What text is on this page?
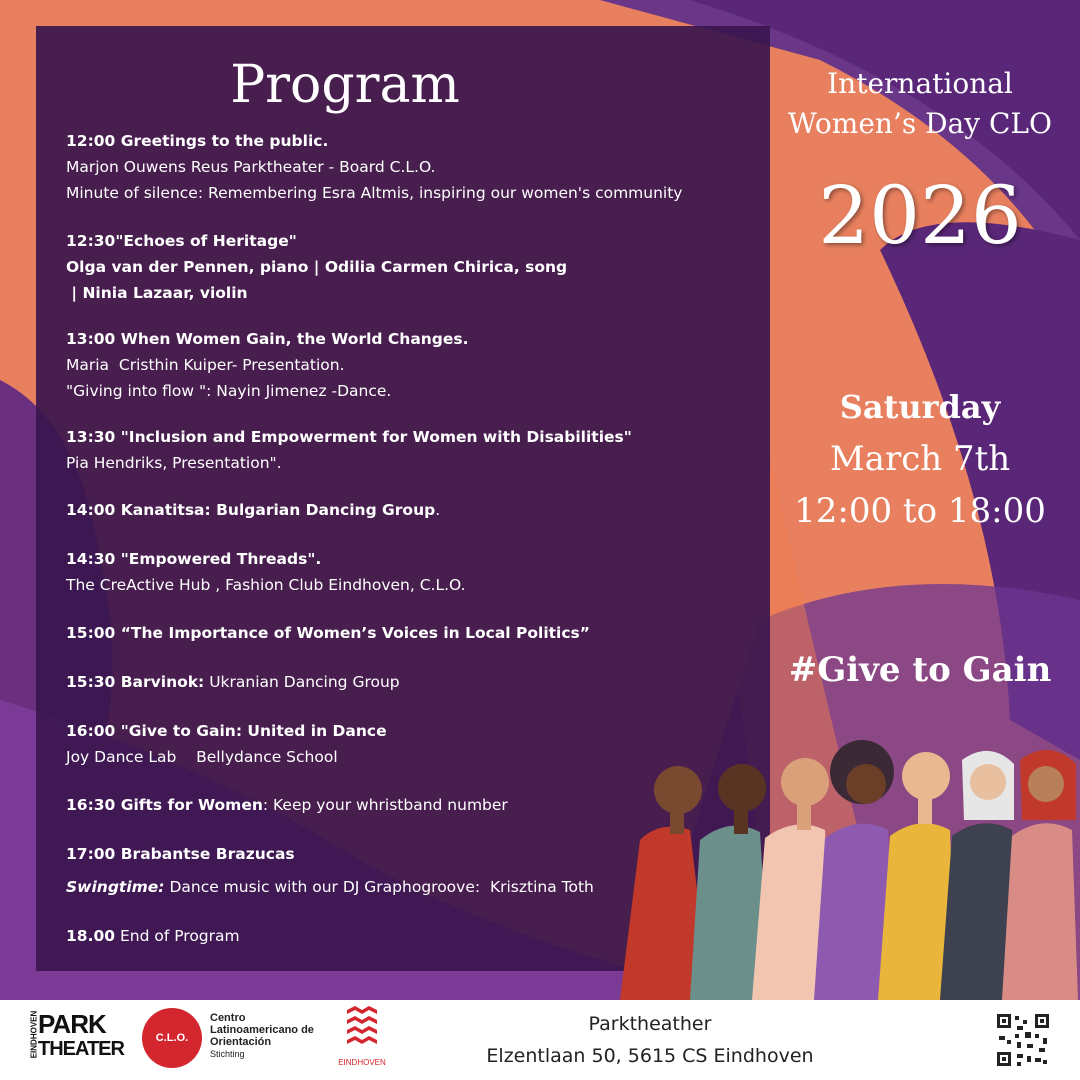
Program
12:00 Greetings to the public.
Marjon Ouwens Reus Parktheater - Board C.L.O.
Minute of silence: Remembering Esra Altmis, inspiring our women's community
12:30"Echoes of Heritage"
Olga van der Pennen, piano | Odilia Carmen Chirica, song
| Ninia Lazaar, violin
13:00 When Women Gain, the World Changes.
Maria  Cristhin Kuiper- Presentation.
"Giving into flow ": Nayin Jimenez -Dance.
13:30 "Inclusion and Empowerment for Women with Disabilities"
Pia Hendriks, Presentation".
14:00 Kanatitsa: Bulgarian Dancing Group.
14:30 "Empowered Threads".
The CreActive Hub , Fashion Club Eindhoven, C.L.O.
15:00 “The Importance of Women’s Voices in Local Politics”
15:30 Barvinok: Ukranian Dancing Group
16:00 "Give to Gain: United in Dance
Joy Dance Lab    Bellydance School
16:30 Gifts for Women: Keep your whristband number
17:00 Brabantse Brazucas
Swingtime: Dance music with our DJ Graphogroove:  Krisztina Toth
18.00 End of Program
International
Women’s Day CLO
2026
Saturday
March 7th
12:00 to 18:00
#Give to Gain
EINDHOVEN PARK
THEATER	C.L.O.
Centro
Latinoamericano de
Orientación
Stichting
EINDHOVEN
Parktheather
Elzentlaan 50, 5615 CS Eindhoven
